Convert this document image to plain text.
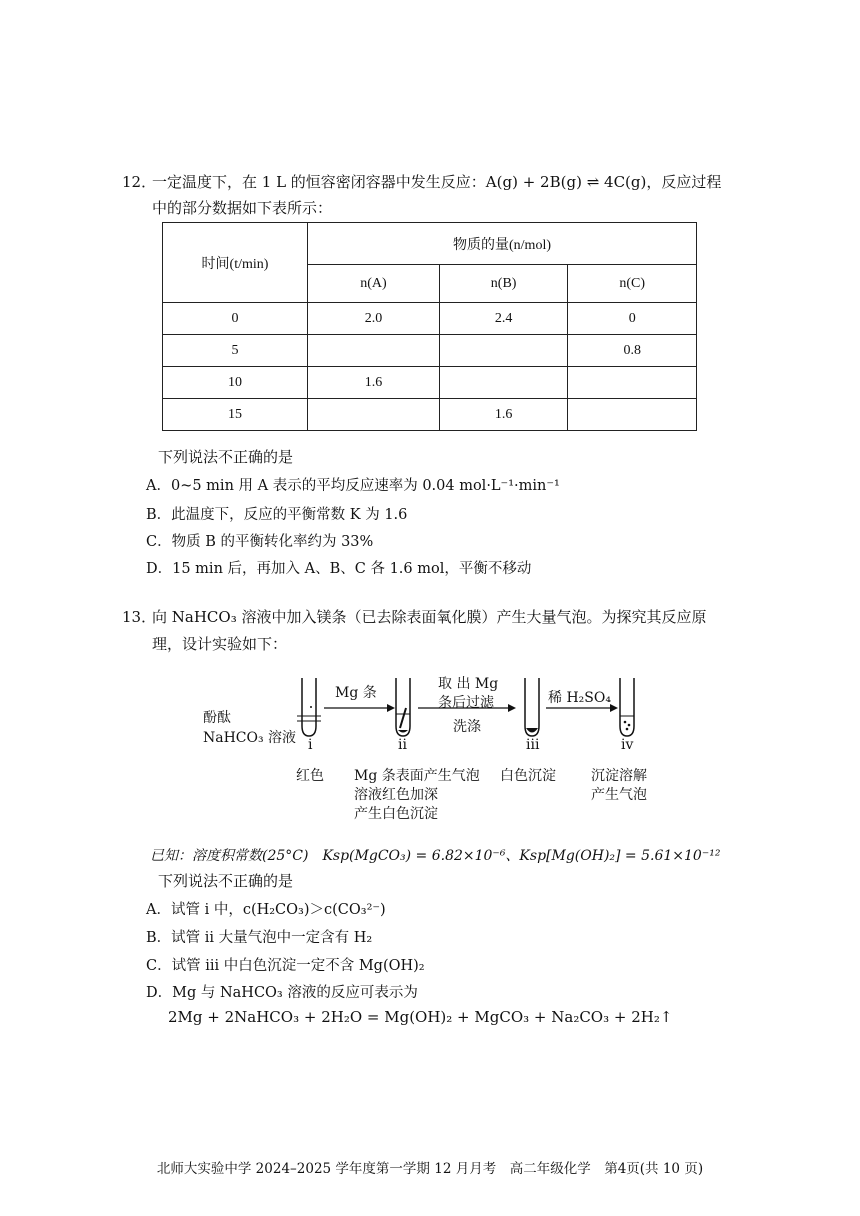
12．
一定温度下，在 1 L 的恒容密闭容器中发生反应：A(g) + 2B(g) ⇌ 4C(g)，反应过程
中的部分数据如下表所示：
时间(t/min)	物质的量(n/mol)		
	n(A)	n(B)	n(C)
0	2.0	2.4	0
5			0.8
10	1.6		
15		1.6	
下列说法不正确的是
A．0~5 min 用 A 表示的平均反应速率为 0.04 mol·L⁻¹·min⁻¹
B．此温度下，反应的平衡常数 K 为 1.6
C．物质 B 的平衡转化率约为 33%
D．15 min 后，再加入 A、B、C 各 1.6 mol，平衡不移动
13．
向 NaHCO₃ 溶液中加入镁条（已去除表面氧化膜）产生大量气泡。为探究其反应原
理，设计实验如下：
酚酞
NaHCO₃ 溶液
Mg 条
取 出 Mg
条后过滤
洗涤
稀 H₂SO₄
i	ii	iii	iv
红色 Mg 条表面产生气泡
溶液红色加深
产生白色沉淀
白色沉淀	沉淀溶解
产生气泡
已知：溶度积常数(25°C)　Ksp(MgCO₃) = 6.82×10⁻⁶、Ksp[Mg(OH)₂] = 5.61×10⁻¹²
下列说法不正确的是
A．试管 i 中，c(H₂CO₃)＞c(CO₃²⁻)
B．试管 ii 大量气泡中一定含有 H₂
C．试管 iii 中白色沉淀一定不含 Mg(OH)₂
D．Mg 与 NaHCO₃ 溶液的反应可表示为
2Mg + 2NaHCO₃ + 2H₂O = Mg(OH)₂ + MgCO₃ + Na₂CO₃ + 2H₂↑
北师大实验中学 2024–2025 学年度第一学期 12 月月考　高二年级化学　第4页(共 10 页)
